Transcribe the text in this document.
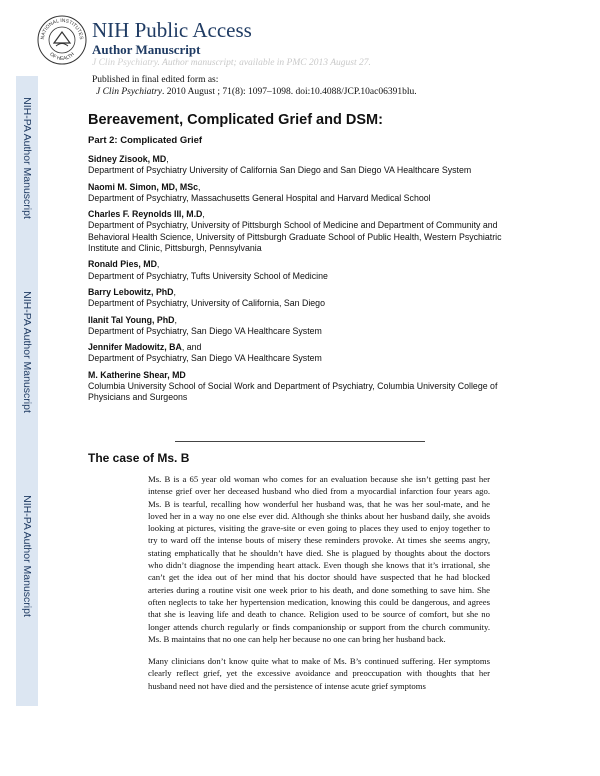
NIH-PA Author Manuscript
NIH-PA Author Manuscript
NIH-PA Author Manuscript
NATIONAL INSTITUTES
OF HEALTH
NIH Public Access
Author Manuscript
J Clin Psychiatry. Author manuscript; available in PMC 2013 August 27.
Published in final edited form as:
J Clin Psychiatry. 2010 August ; 71(8): 1097–1098. doi:10.4088/JCP.10ac06391blu.
Bereavement, Complicated Grief and DSM:
Part 2: Complicated Grief
Sidney Zisook, MD,
Department of Psychiatry University of California San Diego and San Diego VA Healthcare System
Naomi M. Simon, MD, MSc,
Department of Psychiatry, Massachusetts General Hospital and Harvard Medical School
Charles F. Reynolds III, M.D,
Department of Psychiatry, University of Pittsburgh School of Medicine and Department of Community and Behavioral Health Science, University of Pittsburgh Graduate School of Public Health, Western Psychiatric Institute and Clinic, Pittsburgh, Pennsylvania
Ronald Pies, MD,
Department of Psychiatry, Tufts University School of Medicine
Barry Lebowitz, PhD,
Department of Psychiatry, University of California, San Diego
Ilanit Tal Young, PhD,
Department of Psychiatry, San Diego VA Healthcare System
Jennifer Madowitz, BA, and
Department of Psychiatry, San Diego VA Healthcare System
M. Katherine Shear, MD
Columbia University School of Social Work and Department of Psychiatry, Columbia University College of Physicians and Surgeons
The case of Ms. B

Ms. B is a 65 year old woman who comes for an evaluation because she isn’t getting past her intense grief over her deceased husband who died from a myocardial infarction four years ago. Ms. B is tearful, recalling how wonderful her husband was, that he was her soul-mate, and he loved her in a way no one else ever did. Although she thinks about her husband daily, she avoids looking at pictures, visiting the grave-site or even going to places they used to enjoy together to try to ward off the intense bouts of misery these reminders provoke. At times she seems angry, stating emphatically that he shouldn’t have died. She is plagued by thoughts about the doctors who didn’t diagnose the impending heart attack. Even though she knows that it’s irrational, she can’t get the idea out of her mind that his doctor should have suspected that he had blocked arteries during a routine visit one week prior to his death, and done something to save him. She often neglects to take her hypertension medication, knowing this could be dangerous, and agrees that she is leaving life and death to chance. Religion used to be source of comfort, but she no longer attends church regularly or finds companionship or support from the church community. Ms. B maintains that no one can help her because no one can bring her husband back.

Many clinicians don’t know quite what to make of Ms. B’s continued suffering. Her symptoms clearly reflect grief, yet the excessive avoidance and preoccupation with thoughts that her husband need not have died and the persistence of intense acute grief symptoms
